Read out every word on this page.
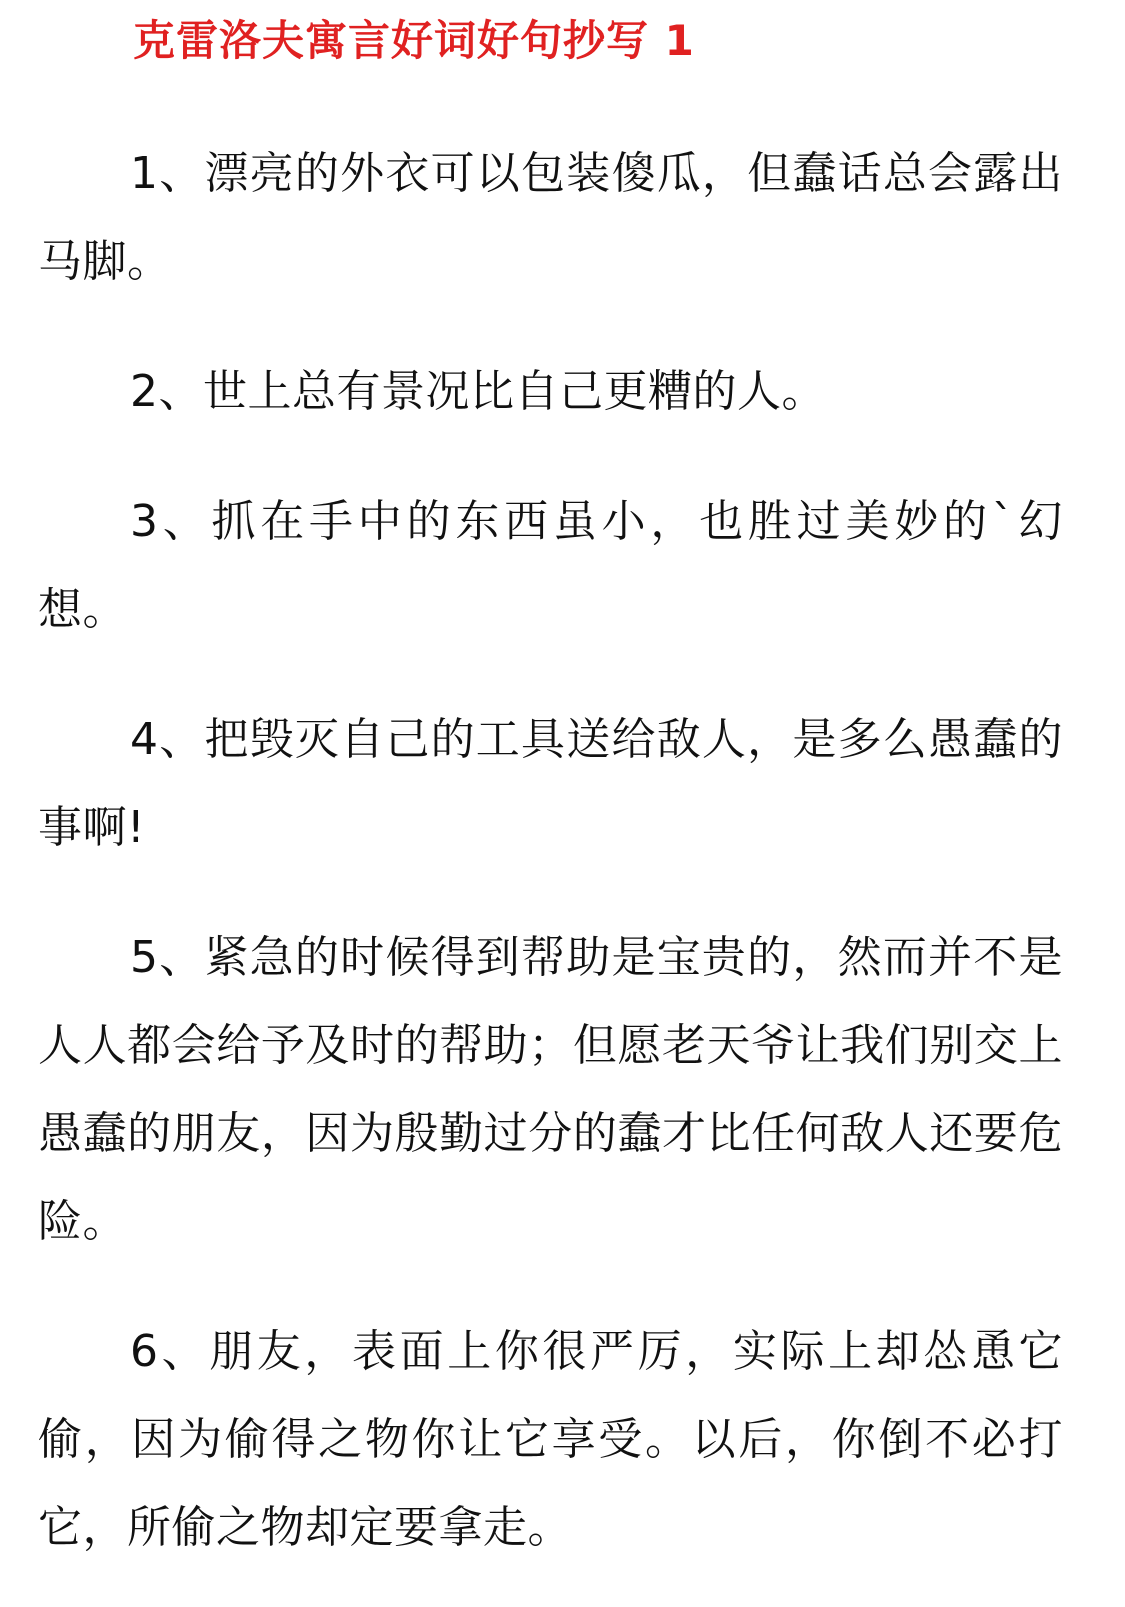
克雷洛夫寓言好词好句抄写 1

1、漂亮的外衣可以包装傻瓜，但蠢话总会露出马脚。

2、世上总有景况比自己更糟的人。

3、抓在手中的东西虽小，也胜过美妙的`幻想。

4、把毁灭自己的工具送给敌人，是多么愚蠢的事啊!

5、紧急的时候得到帮助是宝贵的，然而并不是人人都会给予及时的帮助；但愿老天爷让我们别交上愚蠢的朋友，因为殷勤过分的蠢才比任何敌人还要危险。

6、朋友，表面上你很严厉，实际上却怂恿它偷，因为偷得之物你让它享受。以后，你倒不必打它，所偷之物却定要拿走。
